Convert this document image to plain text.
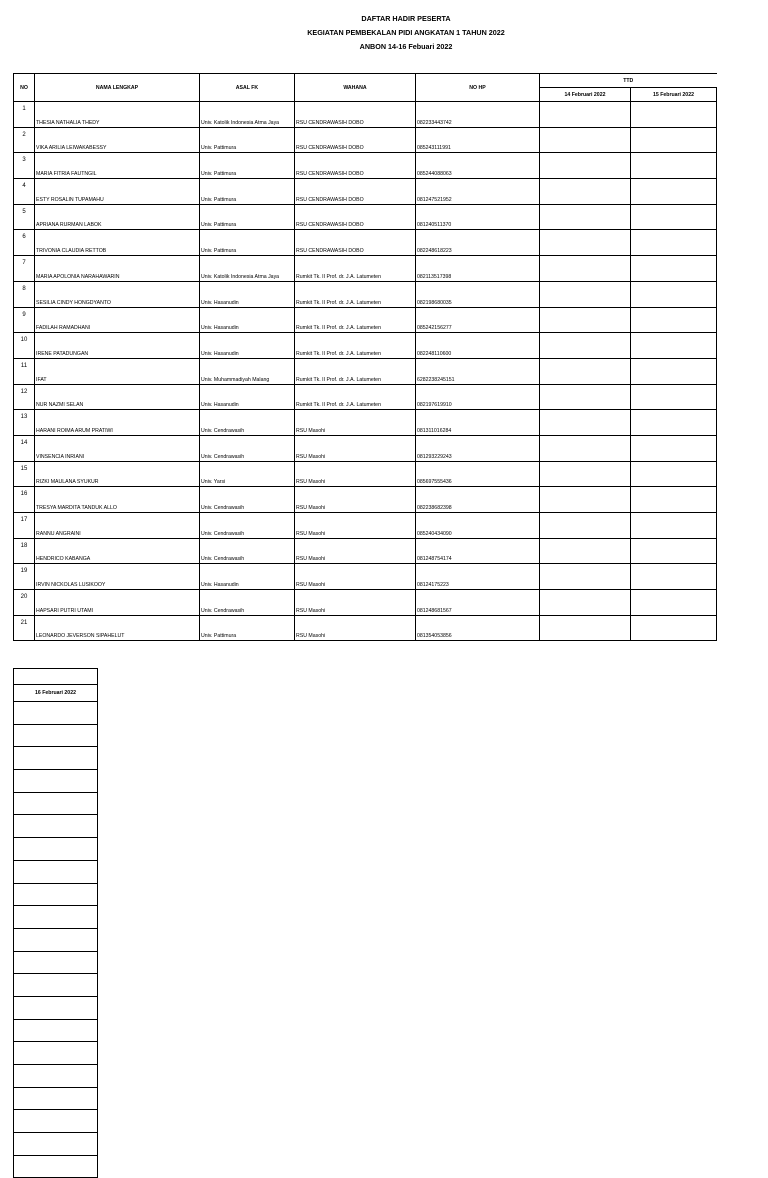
DAFTAR HADIR PESERTA
KEGIATAN PEMBEKALAN PIDI ANGKATAN 1 TAHUN 2022
ANBON 14-16 Febuari 2022
NO	NAMA LENGKAP	ASAL FK	WAHANA	NO HP	TTD	
					14 Februari 2022	15 Februari 2022
1	THESIA NATHALIA THEDY	Univ. Katolik Indonesia Atma Jaya	RSU CENDRAWASIH DOBO	082233443742		
2	VIKA ARILIA LEIWAKABESSY	Univ. Pattimura	RSU CENDRAWASIH DOBO	085243111991		
3	MARIA FITRIA FAUTNGIL	Univ. Pattimura	RSU CENDRAWASIH DOBO	085244088063		
4	ESTY ROSALIN TUPAMAHU	Univ. Pattimura	RSU CENDRAWASIH DOBO	081247521952		
5	APRIANA RURMAN LABOK	Univ. Pattimura	RSU CENDRAWASIH DOBO	081240511370		
6	TRIVONIA CLAUDIA RETTOB	Univ. Pattimura	RSU CENDRAWASIH DOBO	082248618223		
7	MARIA APOLONIA NARAHAWARIN	Univ. Katolik Indonesia Atma Jaya	Rumkit Tk. II Prof. dr. J.A. Latumeten	082113517398		
8	SESILIA CINDY HONGDYANTO	Univ. Hasanudin	Rumkit Tk. II Prof. dr. J.A. Latumeten	082198680035		
9	FADILAH RAMADHANI	Univ. Hasanudin	Rumkit Tk. II Prof. dr. J.A. Latumeten	085242156277		
10	IRENE PATADUNGAN	Univ. Hasanudin	Rumkit Tk. II Prof. dr. J.A. Latumeten	082248110600		
11	IFAT	Univ. Muhammadiyah Malang	Rumkit Tk. II Prof. dr. J.A. Latumeten	6282238245151		
12	NUR NAZMI SELAN	Univ. Hasanudin	Rumkit Tk. II Prof. dr. J.A. Latumeten	082197619910		
13	HARANI ROIMA ARUM PRATIWI	Univ. Cendrawasih	RSU Masohi	081311016284		
14	VINSENCIA INRIANI	Univ. Cendrawasih	RSU Masohi	081293229243		
15	RIZKI MAULANA SYUKUR	Univ. Yarsi	RSU Masohi	085697555436		
16	TRESYA MARDITA TANDUK ALLO	Univ. Cendrawasih	RSU Masohi	082238682398		
17	RANNU ANGRAINI	Univ. Cendrawasih	RSU Masohi	085240434090		
18	HENDRICO KABANGA	Univ. Cendrawasih	RSU Masohi	081248754174		
19	IRVIN NICKOLAS LUSIKOOY	Univ. Hasanudin	RSU Masohi	08124175223		
20	HAPSARI PUTRI UTAMI	Univ. Cendrawasih	RSU Masohi	081248681567		
21	LEONARDO JEVERSON SIPAHELUT	Univ. Pattimura	RSU Masohi	081354053856		

16 Februari 2022
